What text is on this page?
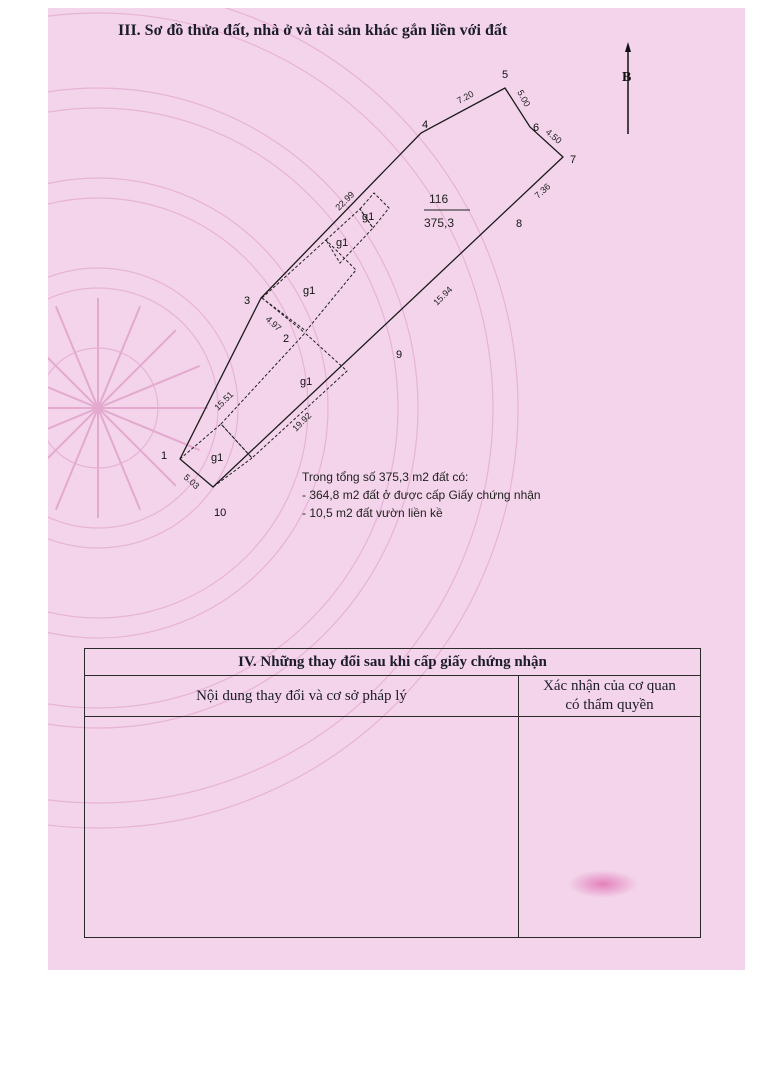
III. Sơ đồ thửa đất, nhà ở và tài sản khác gắn liền với đất
1
2
3
4
5
6
7
8
9
10
7.20	5.00
4.50
7.36
22.99
15.94
4.97
15.51
19.92
5.03
116
375,3
g1
g1
g1
g1
g1
B
Trong tổng số 375,3 m2 đất có:
- 364,8 m2 đất ở được cấp Giấy chứng nhận
- 10,5 m2 đất vườn liền kề
IV. Những thay đổi sau khi cấp giấy chứng nhận	
Nội dung thay đổi và cơ sở pháp lý	Xác nhận của cơ quan
có thẩm quyền
